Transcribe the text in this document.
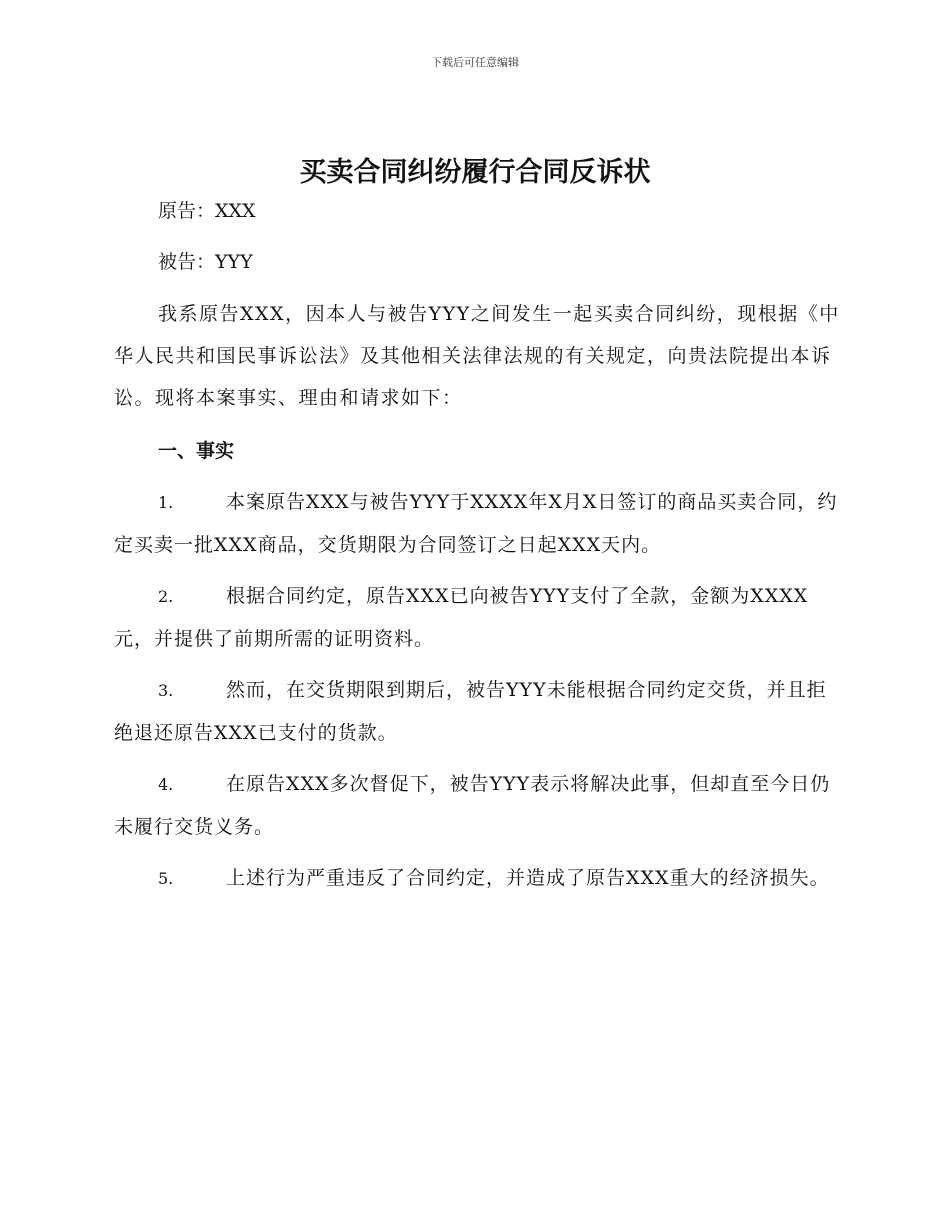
下载后可任意编辑
买卖合同纠纷履行合同反诉状
原告：XXX
被告：YYY
我系原告XXX，因本人与被告YYY之间发生一起买卖合同纠纷，现根据《中华人民共和国民事诉讼法》及其他相关法律法规的有关规定，向贵法院提出本诉讼。现将本案事实、理由和请求如下：
一、事实
1.	本案原告XXX与被告YYY于XXXX年X月X日签订的商品买卖合同，约定买卖一批XXX商品，交货期限为合同签订之日起XXX天内。
2.	根据合同约定，原告XXX已向被告YYY支付了全款，金额为XXXX元，并提供了前期所需的证明资料。
3.	然而，在交货期限到期后，被告YYY未能根据合同约定交货，并且拒绝退还原告XXX已支付的货款。
4.	在原告XXX多次督促下，被告YYY表示将解决此事，但却直至今日仍未履行交货义务。
5.	上述行为严重违反了合同约定，并造成了原告XXX重大的经济损失。
